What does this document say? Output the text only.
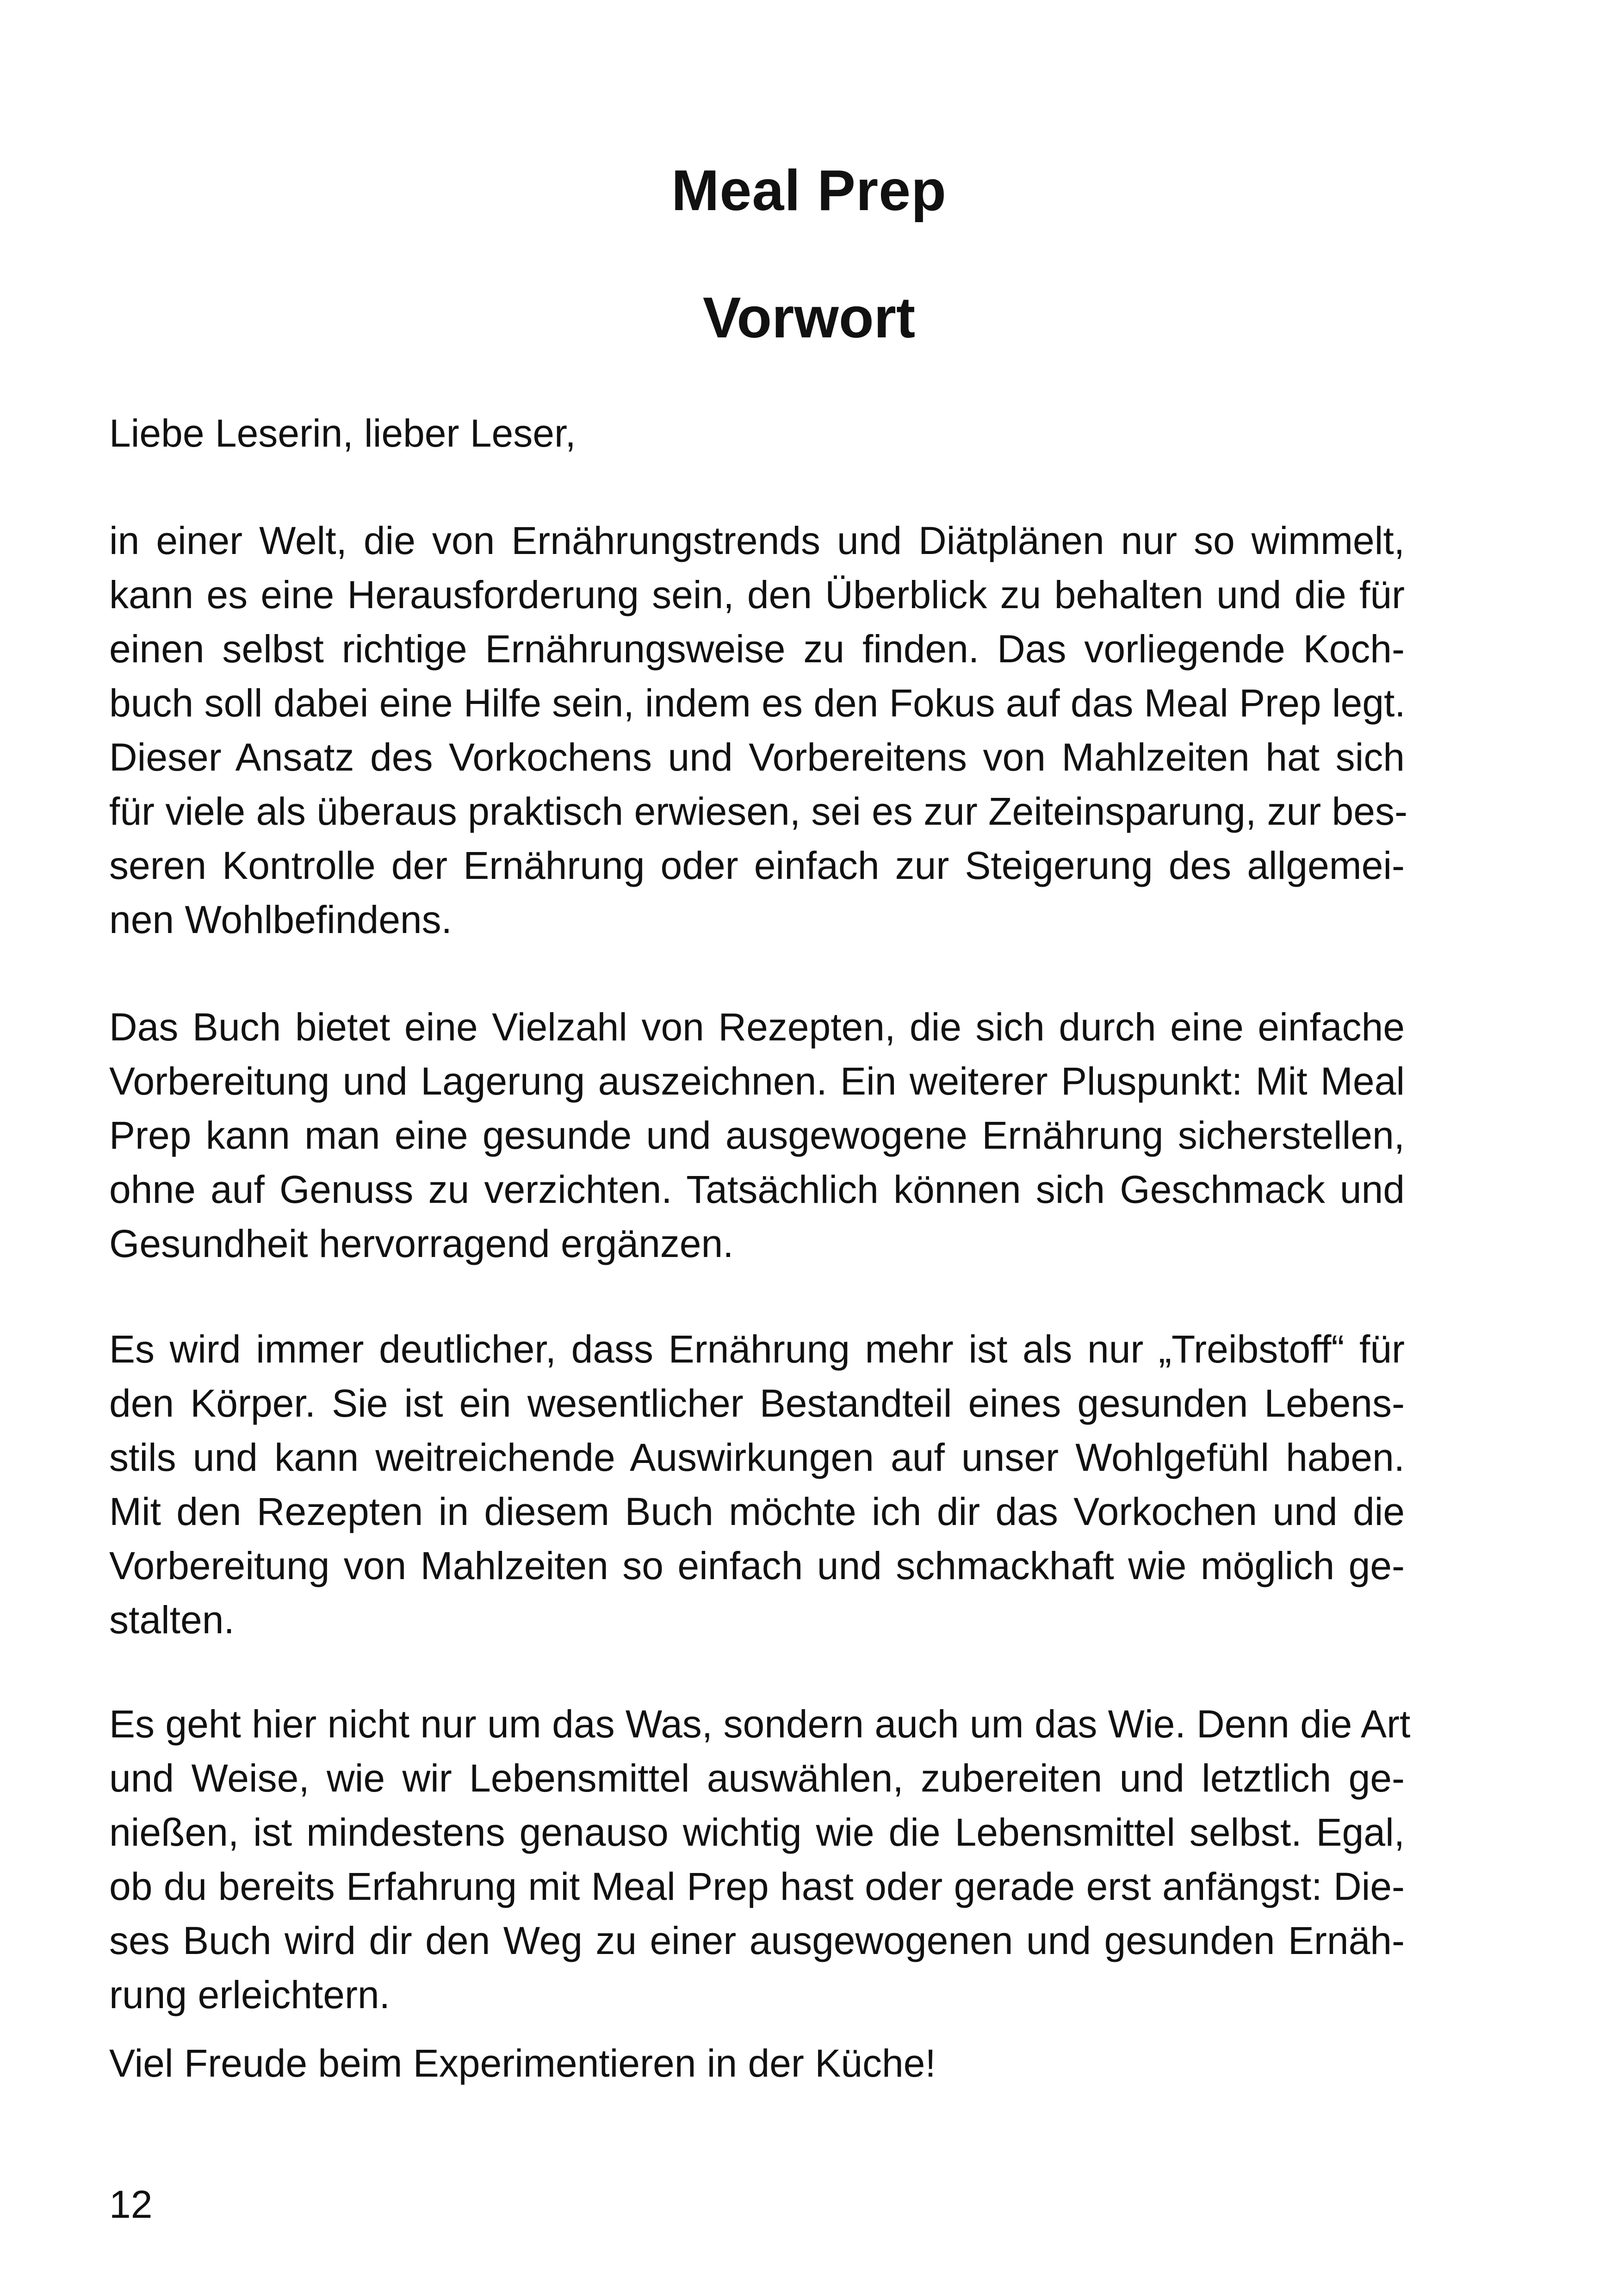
Meal Prep
Vorwort

Liebe Leserin, lieber Leser,

in einer Welt, die von Ernährungstrends und Diätplänen nur so wimmelt,
kann es eine Herausforderung sein, den Überblick zu behalten und die für
einen selbst richtige Ernährungsweise zu finden. Das vorliegende Koch-
buch soll dabei eine Hilfe sein, indem es den Fokus auf das Meal Prep legt.
Dieser Ansatz des Vorkochens und Vorbereitens von Mahlzeiten hat sich
für viele als überaus praktisch erwiesen, sei es zur Zeiteinsparung, zur bes-
seren Kontrolle der Ernährung oder einfach zur Steigerung des allgemei-
nen Wohlbefindens.

Das Buch bietet eine Vielzahl von Rezepten, die sich durch eine einfache
Vorbereitung und Lagerung auszeichnen. Ein weiterer Pluspunkt: Mit Meal
Prep kann man eine gesunde und ausgewogene Ernährung sicherstellen,
ohne auf Genuss zu verzichten. Tatsächlich können sich Geschmack und
Gesundheit hervorragend ergänzen.

Es wird immer deutlicher, dass Ernährung mehr ist als nur „Treibstoff“ für
den Körper. Sie ist ein wesentlicher Bestandteil eines gesunden Lebens-
stils und kann weitreichende Auswirkungen auf unser Wohlgefühl haben.
Mit den Rezepten in diesem Buch möchte ich dir das Vorkochen und die
Vorbereitung von Mahlzeiten so einfach und schmackhaft wie möglich ge-
stalten.

Es geht hier nicht nur um das Was, sondern auch um das Wie. Denn die Art
und Weise, wie wir Lebensmittel auswählen, zubereiten und letztlich ge-
nießen, ist mindestens genauso wichtig wie die Lebensmittel selbst. Egal,
ob du bereits Erfahrung mit Meal Prep hast oder gerade erst anfängst: Die-
ses Buch wird dir den Weg zu einer ausgewogenen und gesunden Ernäh-
rung erleichtern.

Viel Freude beim Experimentieren in der Küche!

12
